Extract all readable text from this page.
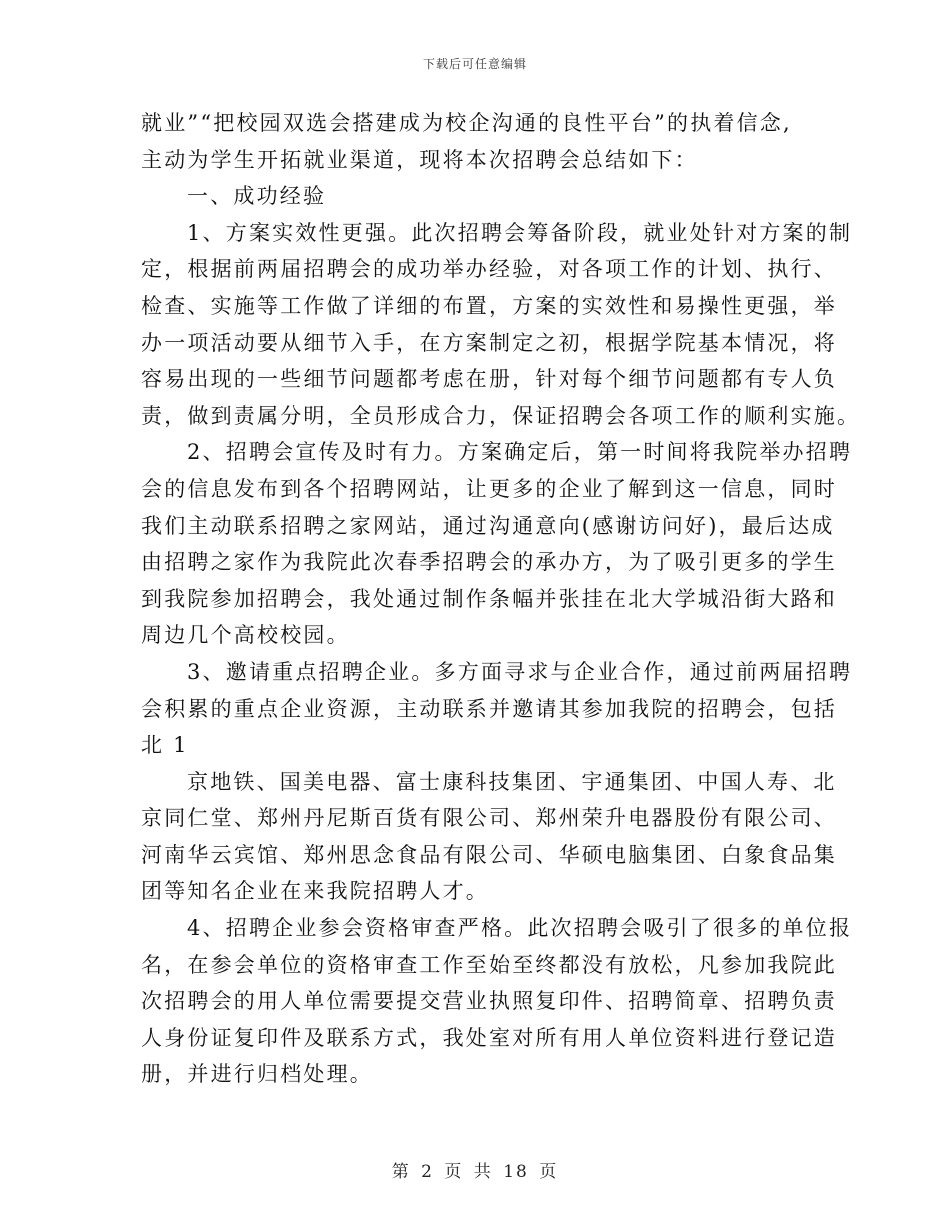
下载后可任意编辑
就业”“把校园双选会搭建成为校企沟通的良性平台”的执着信念,
主动为学生开拓就业渠道，现将本次招聘会总结如下：
一、成功经验
1、方案实效性更强。此次招聘会筹备阶段，就业处针对方案的制
定，根据前两届招聘会的成功举办经验，对各项工作的计划、执行、
检查、实施等工作做了详细的布置，方案的实效性和易操性更强，举
办一项活动要从细节入手，在方案制定之初，根据学院基本情况，将
容易出现的一些细节问题都考虑在册，针对每个细节问题都有专人负
责，做到责属分明，全员形成合力，保证招聘会各项工作的顺利实施。
2、招聘会宣传及时有力。方案确定后，第一时间将我院举办招聘
会的信息发布到各个招聘网站，让更多的企业了解到这一信息，同时
我们主动联系招聘之家网站，通过沟通意向(感谢访问好)，最后达成
由招聘之家作为我院此次春季招聘会的承办方，为了吸引更多的学生
到我院参加招聘会，我处通过制作条幅并张挂在北大学城沿街大路和
周边几个高校校园。
3、邀请重点招聘企业。多方面寻求与企业合作，通过前两届招聘
会积累的重点企业资源，主动联系并邀请其参加我院的招聘会，包括
北 1
京地铁、国美电器、富士康科技集团、宇通集团、中国人寿、北
京同仁堂、郑州丹尼斯百货有限公司、郑州荣升电器股份有限公司、
河南华云宾馆、郑州思念食品有限公司、华硕电脑集团、白象食品集
团等知名企业在来我院招聘人才。
4、招聘企业参会资格审查严格。此次招聘会吸引了很多的单位报
名，在参会单位的资格审查工作至始至终都没有放松，凡参加我院此
次招聘会的用人单位需要提交营业执照复印件、招聘简章、招聘负责
人身份证复印件及联系方式，我处室对所有用人单位资料进行登记造
册，并进行归档处理。
第 2 页 共 18 页
